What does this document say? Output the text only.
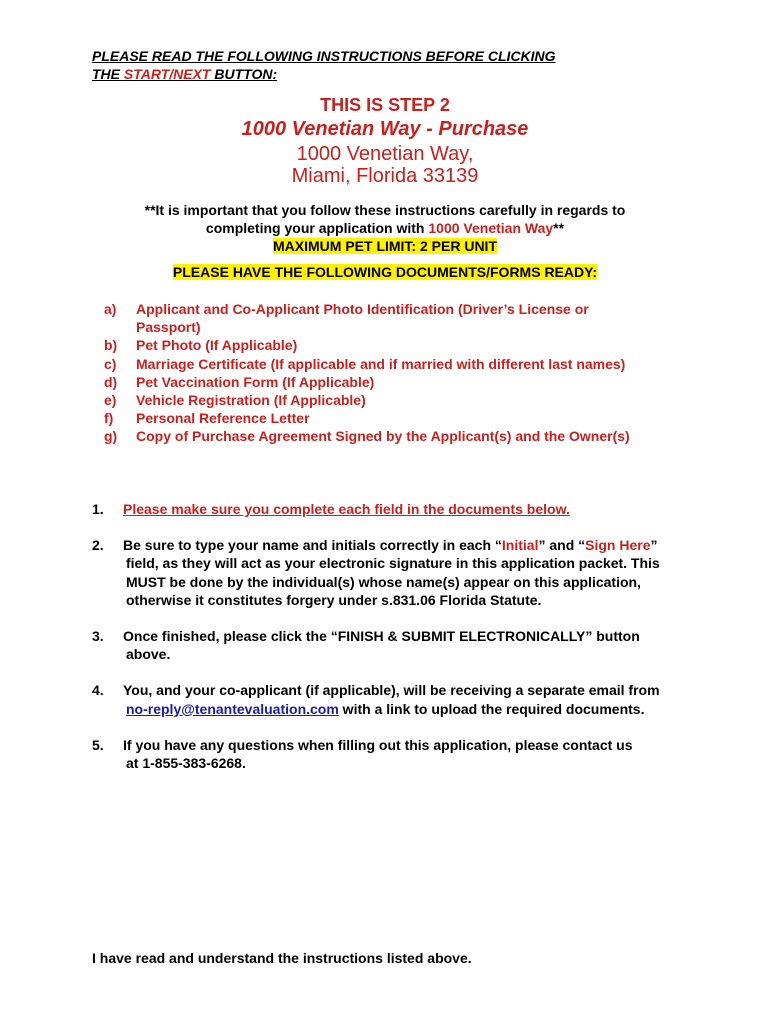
PLEASE READ THE FOLLOWING INSTRUCTIONS BEFORE CLICKING
THE START/NEXT BUTTON:
THIS IS STEP 2
1000 Venetian Way - Purchase
1000 Venetian Way,
Miami, Florida 33139
**It is important that you follow these instructions carefully in regards to
completing your application with 1000 Venetian Way**
MAXIMUM PET LIMIT: 2 PER UNIT
PLEASE HAVE THE FOLLOWING DOCUMENTS/FORMS READY:
a)	Applicant and Co-Applicant Photo Identification (Driver’s License or
Passport)
b)	Pet Photo (If Applicable)
c)	Marriage Certificate (If applicable and if married with different last names)
d)	Pet Vaccination Form (If Applicable)
e)	Vehicle Registration (If Applicable)
f)	Personal Reference Letter
g)	Copy of Purchase Agreement Signed by the Applicant(s) and the Owner(s)
1.	Please make sure you complete each field in the documents below.
2.	Be sure to type your name and initials correctly in each “Initial” and “Sign Here”
field, as they will act as your electronic signature in this application packet. This
MUST be done by the individual(s) whose name(s) appear on this application,
otherwise it constitutes forgery under s.831.06 Florida Statute.
3.	Once finished, please click the “FINISH & SUBMIT ELECTRONICALLY” button
above.
4.	You, and your co-applicant (if applicable), will be receiving a separate email from
no-reply@tenantevaluation.com with a link to upload the required documents.
5.	If you have any questions when filling out this application, please contact us
at 1-855-383-6268.
I have read and understand the instructions listed above.
